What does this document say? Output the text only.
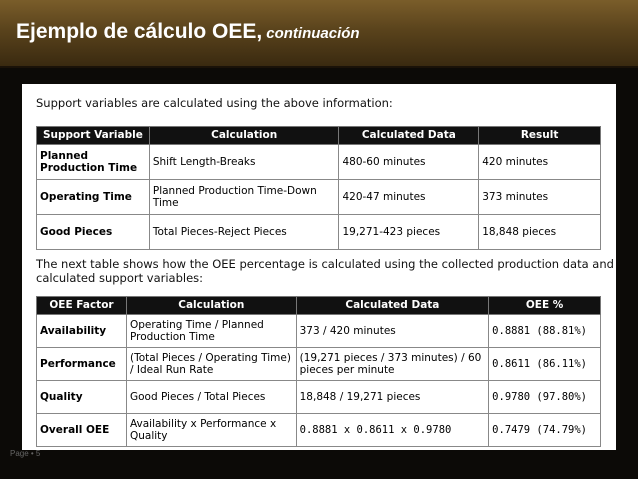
Ejemplo de cálculo OEE, continuación
Support variables are calculated using the above information:
Support Variable	Calculation	Calculated Data	Result
Planned Production Time	Shift Length-Breaks	480-60 minutes	420 minutes
Operating Time	Planned Production Time-Down Time	420-47 minutes	373 minutes
Good Pieces	Total Pieces-Reject Pieces	19,271-423 pieces	18,848 pieces
The next table shows how the OEE percentage is calculated using the collected production data and
calculated support variables:
OEE Factor	Calculation	Calculated Data	OEE %
Availability	Operating Time / Planned Production Time	373 / 420 minutes	0.8881 (88.81%)
Performance	(Total Pieces / Operating Time) / Ideal Run Rate	(19,271 pieces / 373 minutes) / 60 pieces per minute	0.8611 (86.11%)
Quality	Good Pieces / Total Pieces	18,848 / 19,271 pieces	0.9780 (97.80%)
Overall OEE	Availability x Performance x Quality	0.8881 x 0.8611 x 0.9780	0.7479 (74.79%)
Page • 5
